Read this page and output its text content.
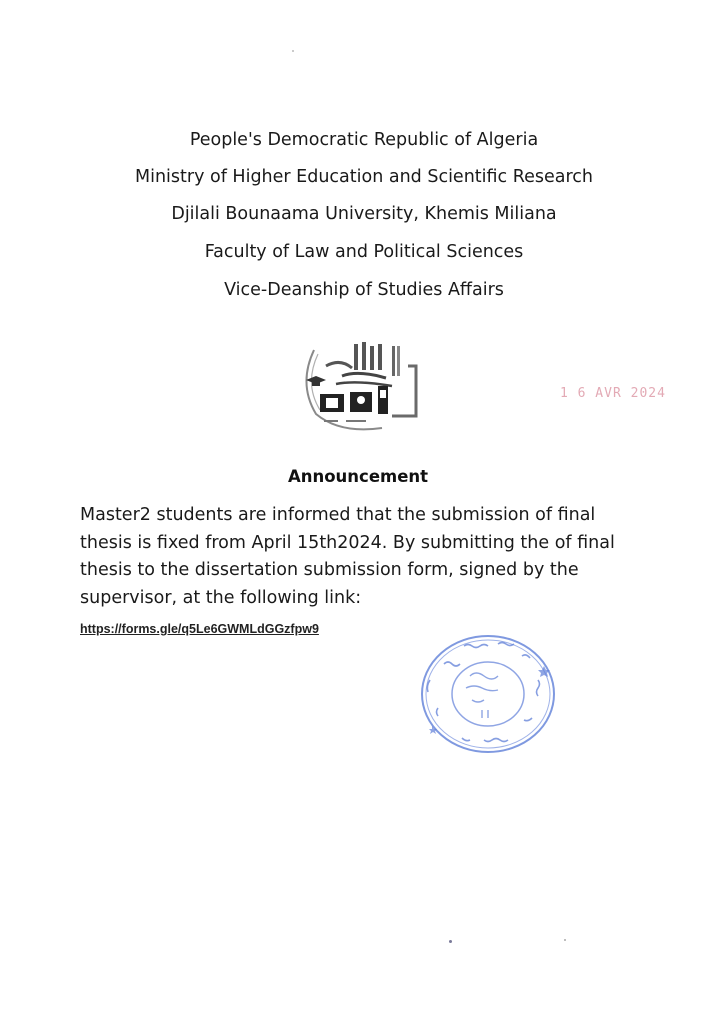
People's Democratic Republic of Algeria
Ministry of Higher Education and Scientific Research
Djilali Bounaama University, Khemis Miliana
Faculty of Law and Political Sciences
Vice-Deanship of Studies Affairs
1 6 AVR 2024
Announcement
Master2 students are informed that the submission of final
thesis is fixed from April 15th2024. By submitting the of final
thesis to the dissertation submission form, signed by the
supervisor, at the following link:
https://forms.gle/q5Le6GWMLdGGzfpw9
